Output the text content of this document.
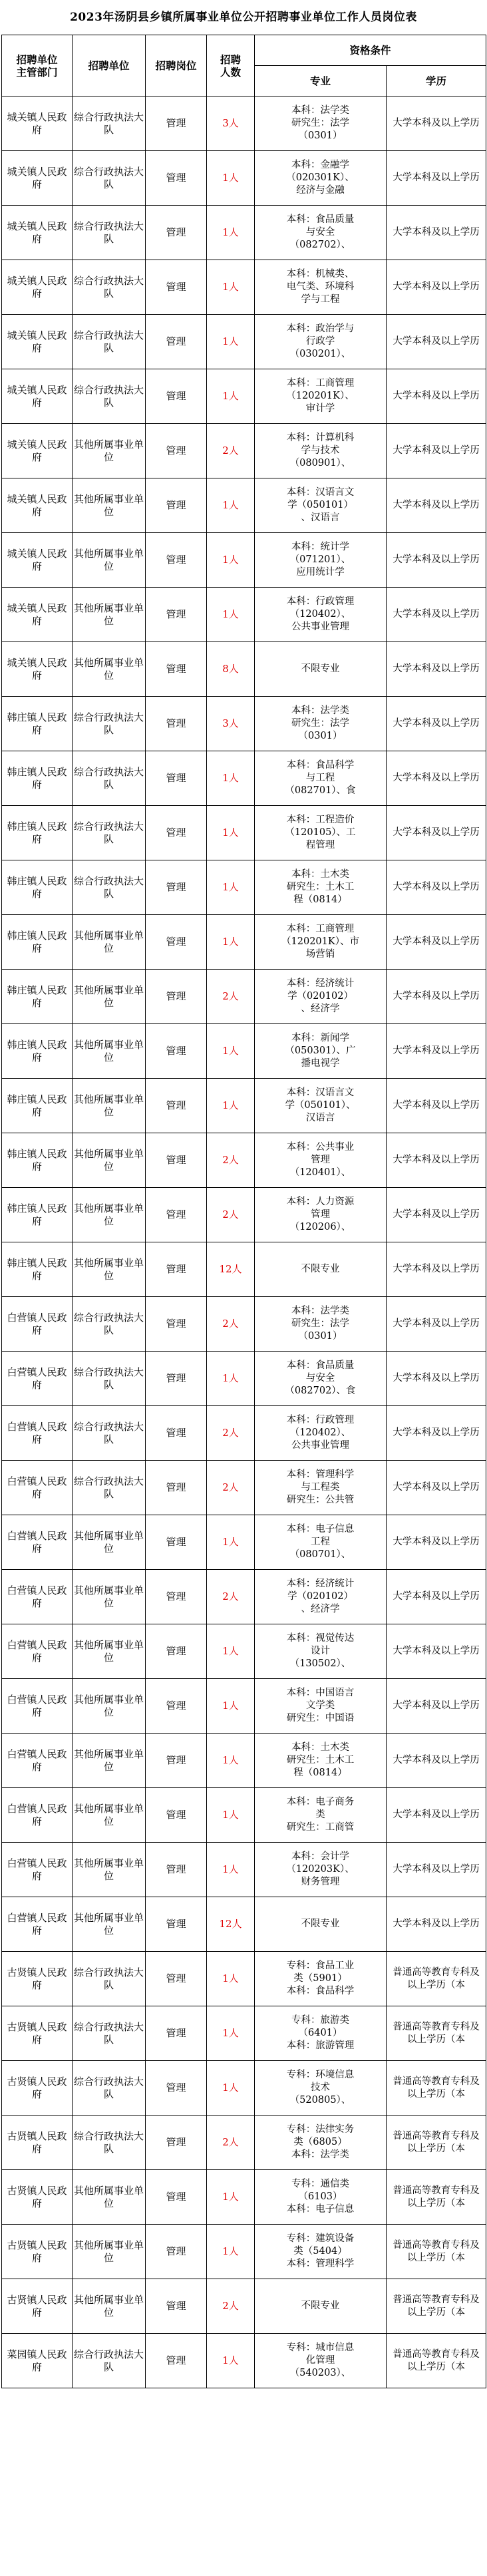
2023年汤阴县乡镇所属事业单位公开招聘事业单位工作人员岗位表
招聘单位
主管部门	招聘单位	招聘岗位	招聘
人数	资格条件	
				专业	学历

城关镇人民政府	综合行政执法大队	管理	3人	本科：法学类
研究生：法学
（0301）	大学本科及以上学历

城关镇人民政府	综合行政执法大队	管理	1人	本科：金融学
（020301K）、
经济与金融	大学本科及以上学历

城关镇人民政府	综合行政执法大队	管理	1人	本科：食品质量
与安全
（082702）、	大学本科及以上学历

城关镇人民政府	综合行政执法大队	管理	1人	本科：机械类、
电气类、环境科
学与工程	大学本科及以上学历

城关镇人民政府	综合行政执法大队	管理	1人	本科：政治学与
行政学
（030201）、	大学本科及以上学历

城关镇人民政府	综合行政执法大队	管理	1人	本科：工商管理
（120201K）、
审计学	大学本科及以上学历

城关镇人民政府	其他所属事业单位	管理	2人	本科：计算机科
学与技术
（080901）、	大学本科及以上学历

城关镇人民政府	其他所属事业单位	管理	1人	本科：汉语言文
学（050101）
、汉语言	大学本科及以上学历

城关镇人民政府	其他所属事业单位	管理	1人	本科：统计学
（071201）、
应用统计学	大学本科及以上学历

城关镇人民政府	其他所属事业单位	管理	1人	本科：行政管理
（120402）、
公共事业管理	大学本科及以上学历

城关镇人民政府	其他所属事业单位	管理	8人	不限专业	大学本科及以上学历

韩庄镇人民政府	综合行政执法大队	管理	3人	本科：法学类
研究生：法学
（0301）	大学本科及以上学历

韩庄镇人民政府	综合行政执法大队	管理	1人	本科：食品科学
与工程
（082701）、食	大学本科及以上学历

韩庄镇人民政府	综合行政执法大队	管理	1人	本科：工程造价
（120105）、工
程管理	大学本科及以上学历

韩庄镇人民政府	综合行政执法大队	管理	1人	本科：土木类
研究生：土木工
程（0814）	大学本科及以上学历

韩庄镇人民政府	其他所属事业单位	管理	1人	本科：工商管理
（120201K）、市
场营销	大学本科及以上学历

韩庄镇人民政府	其他所属事业单位	管理	2人	本科：经济统计
学（020102）
、经济学	大学本科及以上学历

韩庄镇人民政府	其他所属事业单位	管理	1人	本科：新闻学
（050301）、广
播电视学	大学本科及以上学历

韩庄镇人民政府	其他所属事业单位	管理	1人	本科：汉语言文
学（050101）、
汉语言	大学本科及以上学历

韩庄镇人民政府	其他所属事业单位	管理	2人	本科：公共事业
管理
（120401）、	大学本科及以上学历

韩庄镇人民政府	其他所属事业单位	管理	2人	本科：人力资源
管理
（120206）、	大学本科及以上学历

韩庄镇人民政府	其他所属事业单位	管理	12人	不限专业	大学本科及以上学历

白营镇人民政府	综合行政执法大队	管理	2人	本科：法学类
研究生：法学
（0301）	大学本科及以上学历

白营镇人民政府	综合行政执法大队	管理	1人	本科：食品质量
与安全
（082702）、食	大学本科及以上学历

白营镇人民政府	综合行政执法大队	管理	2人	本科：行政管理
（120402）、
公共事业管理	大学本科及以上学历

白营镇人民政府	综合行政执法大队	管理	2人	本科：管理科学
与工程类
研究生：公共管	大学本科及以上学历

白营镇人民政府	其他所属事业单位	管理	1人	本科：电子信息
工程
（080701）、	大学本科及以上学历

白营镇人民政府	其他所属事业单位	管理	2人	本科：经济统计
学（020102）
、经济学	大学本科及以上学历

白营镇人民政府	其他所属事业单位	管理	1人	本科：视觉传达
设计
（130502）、	大学本科及以上学历

白营镇人民政府	其他所属事业单位	管理	1人	本科：中国语言
文学类
研究生：中国语	大学本科及以上学历

白营镇人民政府	其他所属事业单位	管理	1人	本科：土木类
研究生：土木工
程（0814）	大学本科及以上学历

白营镇人民政府	其他所属事业单位	管理	1人	本科：电子商务
类
研究生：工商管	大学本科及以上学历

白营镇人民政府	其他所属事业单位	管理	1人	本科：会计学
（120203K）、
财务管理	大学本科及以上学历

白营镇人民政府	其他所属事业单位	管理	12人	不限专业	大学本科及以上学历

古贤镇人民政府	综合行政执法大队	管理	1人	专科：食品工业
类（5901）
本科：食品科学	普通高等教育专科及以上学历（本

古贤镇人民政府	综合行政执法大队	管理	1人	专科：旅游类
（6401）
本科：旅游管理	普通高等教育专科及以上学历（本

古贤镇人民政府	综合行政执法大队	管理	1人	专科：环境信息
技术
（520805）、	普通高等教育专科及以上学历（本

古贤镇人民政府	综合行政执法大队	管理	2人	专科：法律实务
类（6805）
本科：法学类	普通高等教育专科及以上学历（本

古贤镇人民政府	其他所属事业单位	管理	1人	专科：通信类
（6103）
本科：电子信息	普通高等教育专科及以上学历（本

古贤镇人民政府	其他所属事业单位	管理	1人	专科：建筑设备
类（5404）
本科：管理科学	普通高等教育专科及以上学历（本

古贤镇人民政府	其他所属事业单位	管理	2人	不限专业	普通高等教育专科及以上学历（本

菜园镇人民政府	综合行政执法大队	管理	1人	专科：城市信息
化管理
（540203）、	普通高等教育专科及以上学历（本
